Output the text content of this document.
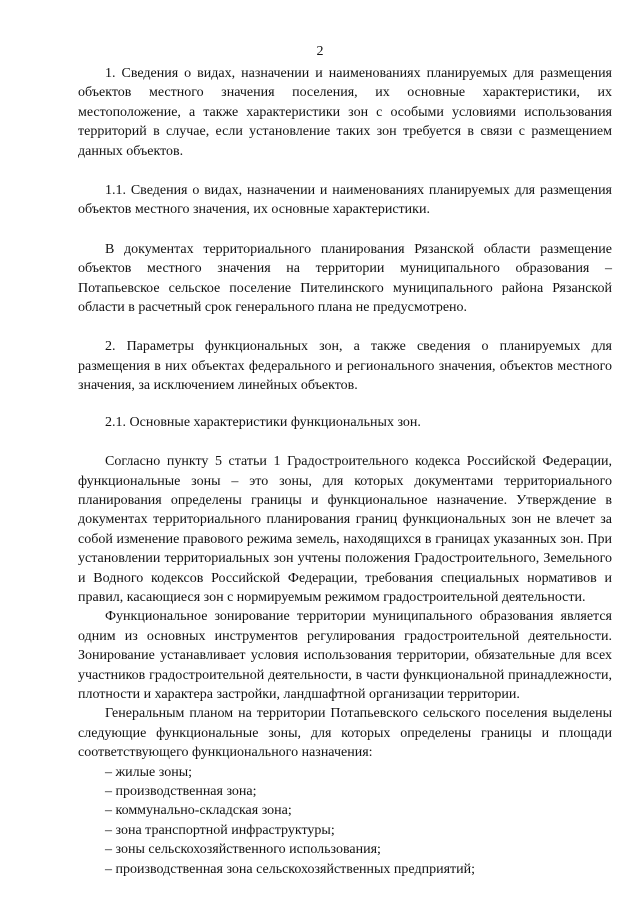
2

1. Сведения о видах, назначении и наименованиях планируемых для размещения объектов местного значения поселения, их основные характеристики, их местоположение, а также характеристики зон с особыми условиями использования территорий в случае, если установление таких зон требуется в связи с размещением данных объектов.

1.1. Сведения о видах, назначении и наименованиях планируемых для размещения объектов местного значения, их основные характеристики.

В документах территориального планирования Рязанской области размещение объектов местного значения на территории муниципального образования – Потапьевское сельское поселение Пителинского муниципального района Рязанской области в расчетный срок генерального плана не предусмотрено.

2. Параметры функциональных зон, а также сведения о планируемых для размещения в них объектах федерального и регионального значения, объектов местного значения, за исключением линейных объектов.

2.1. Основные характеристики функциональных зон.

Согласно пункту 5 статьи 1 Градостроительного кодекса Российской Федерации, функциональные зоны – это зоны, для которых документами территориального планирования определены границы и функциональное назначение. Утверждение в документах территориального планирования границ функциональных зон не влечет за собой изменение правового режима земель, находящихся в границах указанных зон. При установлении территориальных зон учтены положения Градостроительного, Земельного и Водного кодексов Российской Федерации, требования специальных нормативов и правил, касающиеся зон с нормируемым режимом градостроительной деятельности.

Функциональное зонирование территории муниципального образования является одним из основных инструментов регулирования градостроительной деятельности. Зонирование устанавливает условия использования территории, обязательные для всех участников градостроительной деятельности, в части функциональной принадлежности, плотности и характера застройки, ландшафтной организации территории.

Генеральным планом на территории Потапьевского сельского поселения выделены следующие функциональные зоны, для которых определены границы и площади соответствующего функционального назначения:

– жилые зоны;
– производственная зона;
– коммунально-складская зона;
– зона транспортной инфраструктуры;
– зоны сельскохозяйственного использования;
– производственная зона сельскохозяйственных предприятий;
